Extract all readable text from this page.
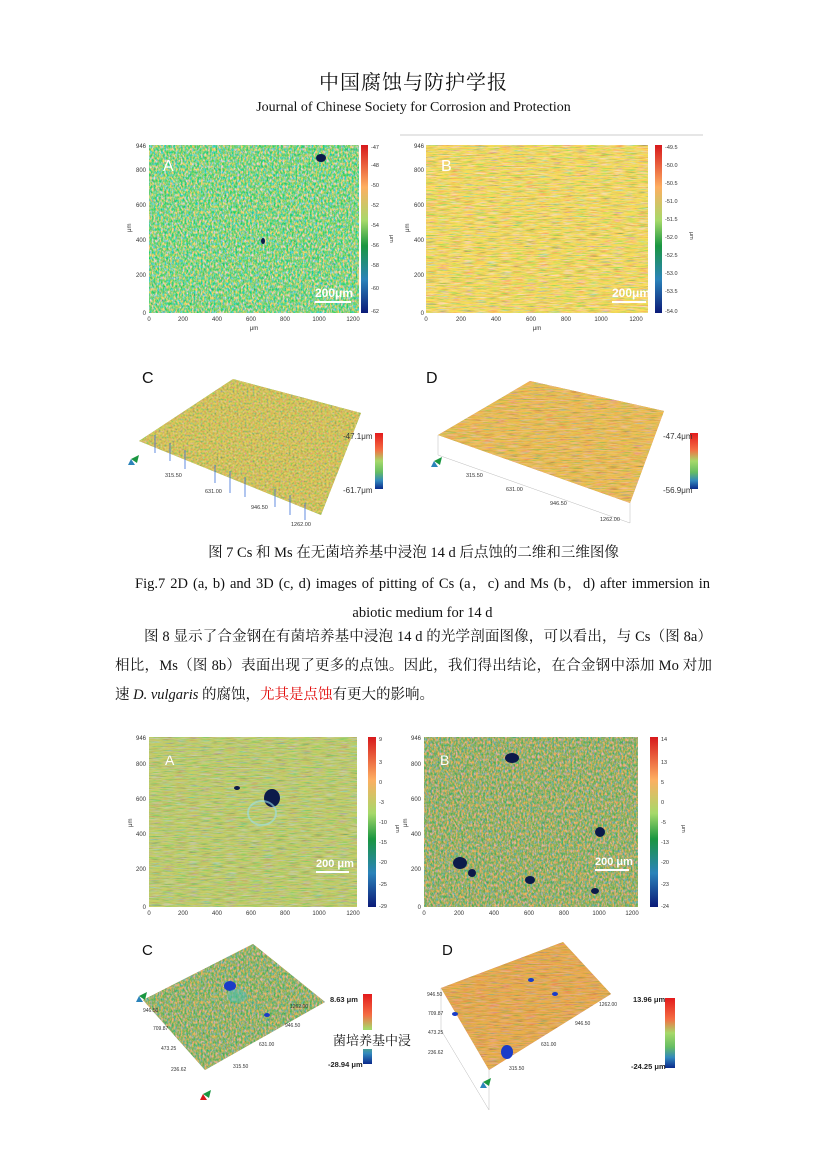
中国腐蚀与防护学报
Journal of Chinese Society for Corrosion and Protection
A
200μm
946
800
600
400
200
0
μm
0	200	400	600	800	1000	1200
μm
-47
-48
-50
-52
-54
-56
-58
-60
-62
μm
B
200μm
946
800
600
400
200
0
μm
0	200	400	600	800	1000	1200
μm
-49.5
-50.0
-50.5
-51.0
-51.5
-52.0
-52.5
-53.0
-53.5
-54.0
μm
C
315.50
631.00
946.50
1262.00
-47.1μm
-61.7μm
D
315.50
631.00
946.50
1262.00
-47.4μm
-56.9μm
图 7 Cs 和 Ms 在无菌培养基中浸泡 14 d 后点蚀的二维和三维图像
Fig.7 2D (a, b) and 3D (c, d) images of pitting of Cs (a，c) and Ms (b，d) after immersion in abiotic medium for 14 d
图 8 显示了合金钢在有菌培养基中浸泡 14 d 的光学剖面图像，可以看出，与 Cs（图 8a）相比，Ms（图 8b）表面出现了更多的点蚀。因此，我们得出结论，在合金钢中添加 Mo 对加速 D. vulgaris 的腐蚀，尤其是点蚀有更大的影响。
A
200 μm
946
800
600
400
200
0
μm
0	200	400	600	800	1000	1200
9
3
0
-3
-10
-15
-20
-25
-29
μm
B
200 μm
946
800
600
400
200
0
μm
0	200	400	600	800	1000	1200
14
13
5
0
-5
-13
-20
-23
-24
μm
C
946.50
709.87
473.25
236.62
1262.00
946.50
631.00
315.50
8.63 μm
-28.94 μm
菌培养基中浸
D
946.50
709.87
473.25
236.62
1262.00
946.50
631.00
315.50
13.96 μm
-24.25 μm
